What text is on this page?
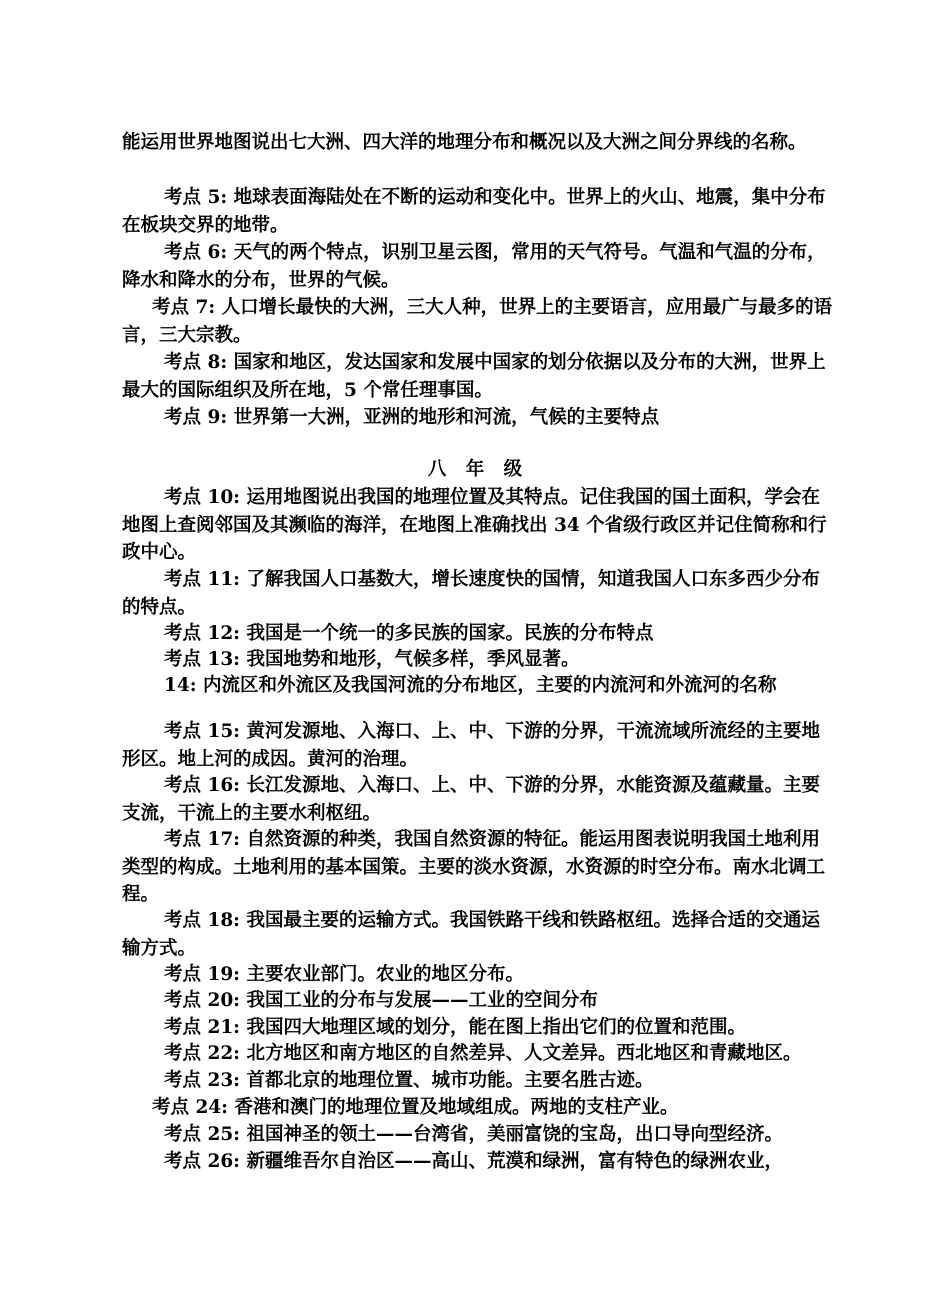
能运用世界地图说出七大洲、四大洋的地理分布和概况以及大洲之间分界线的名称。

考点 5: 地球表面海陆处在不断的运动和变化中。世界上的火山、地震，集中分布在板块交界的地带。

考点 6: 天气的两个特点，识别卫星云图，常用的天气符号。气温和气温的分布，降水和降水的分布，世界的气候。

考点 7: 人口增长最快的大洲，三大人种，世界上的主要语言，应用最广与最多的语言，三大宗教。

考点 8: 国家和地区，发达国家和发展中国家的划分依据以及分布的大洲，世界上最大的国际组织及所在地，5 个常任理事国。

考点 9: 世界第一大洲，亚洲的地形和河流，气候的主要特点

八   年   级

考点 10: 运用地图说出我国的地理位置及其特点。记住我国的国土面积，学会在地图上查阅邻国及其濒临的海洋，在地图上准确找出 34 个省级行政区并记住简称和行政中心。

考点 11: 了解我国人口基数大，增长速度快的国情，知道我国人口东多西少分布的特点。

考点 12: 我国是一个统一的多民族的国家。民族的分布特点

考点 13: 我国地势和地形，气候多样，季风显著。

14: 内流区和外流区及我国河流的分布地区，主要的内流河和外流河的名称

考点 15: 黄河发源地、入海口、上、中、下游的分界，干流流域所流经的主要地形区。地上河的成因。黄河的治理。

考点 16: 长江发源地、入海口、上、中、下游的分界，水能资源及蕴藏量。主要支流，干流上的主要水利枢纽。

考点 17: 自然资源的种类，我国自然资源的特征。能运用图表说明我国土地利用类型的构成。土地利用的基本国策。主要的淡水资源，水资源的时空分布。南水北调工程。

考点 18: 我国最主要的运输方式。我国铁路干线和铁路枢纽。选择合适的交通运输方式。

考点 19: 主要农业部门。农业的地区分布。

考点 20: 我国工业的分布与发展——工业的空间分布

考点 21: 我国四大地理区域的划分，能在图上指出它们的位置和范围。

考点 22: 北方地区和南方地区的自然差异、人文差异。西北地区和青藏地区。

考点 23: 首都北京的地理位置、城市功能。主要名胜古迹。

考点 24: 香港和澳门的地理位置及地域组成。两地的支柱产业。

考点 25: 祖国神圣的领土——台湾省，美丽富饶的宝岛，出口导向型经济。

考点 26: 新疆维吾尔自治区——高山、荒漠和绿洲，富有特色的绿洲农业，
